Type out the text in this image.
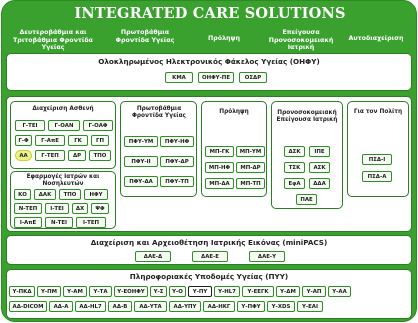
INTEGRATED CARE SOLUTIONS
Δευτεροβάθμια και Τριτοβάθμια Φροντίδα Υγείας
Πρωτοβάθμια Φροντίδα Υγείας	Πρόληψη
Επείγουσα Προνοσοκομειακή Ιατρική
Αυτοδιαχείριση
Ολοκληρωμένος Ηλεκτρονικός Φάκελος Υγείας (ΟΗΦΥ)
ΚΜΑ	ΟΗΦΥ-ΠΕ	ΟΣΔΡ
Διαχείριση Ασθενή
Γ-ΤΕΙ	Γ-ΟΑΝ	Γ-ΟΑΦ
Γ-Φ	Γ-ΑπΕ	ΓΚ	ΓΠ
ΑΑ	Γ-ΤΕΠ	ΔΡ	ΤΠΟ
Εφαρμογές Ιατρών και Νοσηλευτών
ΚΟ	ΔΑΚ	ΤΠΟ	ΗΦΥ
Ν-ΤΕΠ	Ι-ΤΕΙ	ΔΧ	ΨΦ
Ι-ΑπΕ	Ν-ΤΕΙ	Ι-ΤΕΠ
Πρωτοβάθμια Φροντίδα Υγείας
ΠΦΥ-ΥΜ	ΠΦΥ-ΗΦ
ΠΦΥ-ΙΙ	ΠΦΥ-ΔΡ
ΠΦΥ-ΔΑ	ΠΦΥ-ΤΠ
Πρόληψη
ΜΠ-ΓΚ	ΜΠ-ΥΜ
ΜΠ-ΗΦ	ΜΠ-ΔΡ
ΜΠ-ΔΑ	ΜΠ-ΤΠ
Προνοσοκομειακή Επείγουσα Ιατρική
ΔΣΚ	ΙΠΕ
ΤΣΚ	ΑΣΚ
ΕφΑ	ΔΔΑ
ΠΑΕ
Για τον Πολίτη
ΠΣΔ-Ι
ΠΣΔ-Α
Διαχείριση και Αρχειοθέτηση Ιατρικής Εικόνας (miniPACS)
ΔΑΕ-Δ	ΔΑΕ-Ε	ΔΑΕ-Υ
Πληροφοριακές Υποδομές Υγείας (ΠΥΥ)
Υ-ΠΚΔ	Υ-ΠΜ	Υ-ΑΜ	Υ-ΤΑ	Υ-ΕΟΗΦΥ	Υ-Σ	Υ-Ο	Υ-ΠΥ	Υ-HL7	Υ-ΕΕΓΚ	Υ-ΔΜ	Υ-ΑΠ	Υ-ΑΑ
ΑΔ-DICOM	ΑΔ-Α	ΑΔ-HL7	ΑΔ-Β	ΑΔ-ΥΤΑ	ΑΔ-ΥΠΥ	ΑΔ-ΗΚΓ	Υ-ΠΦΥ	Υ-XDS	Υ-ΕΑΙ
